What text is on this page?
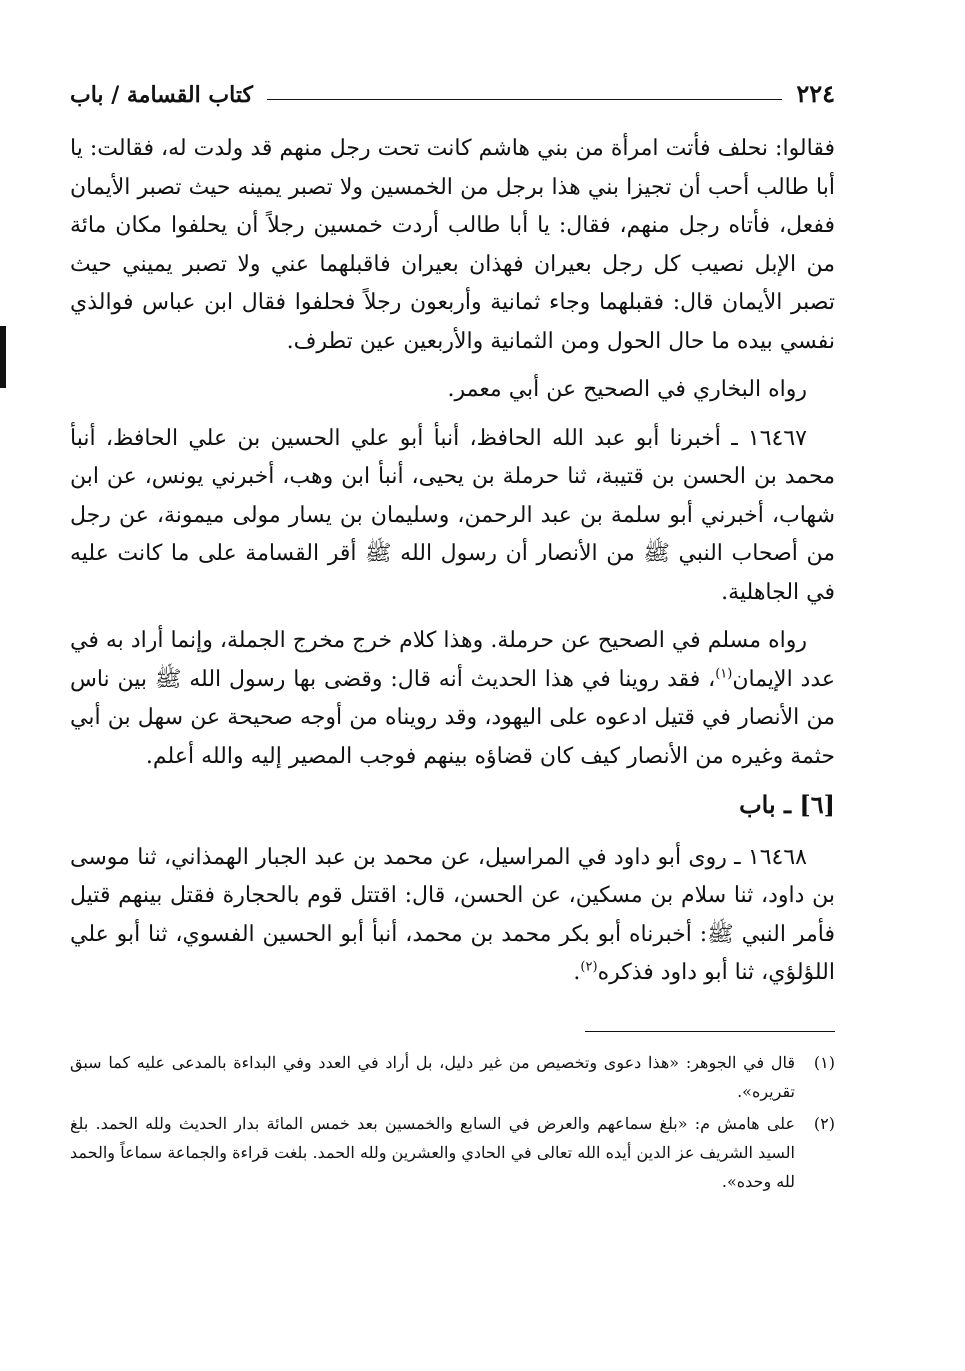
٢٢٤
كتاب القسامة / باب

فقالوا: نحلف فأتت امرأة من بني هاشم كانت تحت رجل منهم قد ولدت له، فقالت: يا أبا طالب أحب أن تجيزا بني هذا برجل من الخمسين ولا تصبر يمينه حيث تصبر الأيمان ففعل، فأتاه رجل منهم، فقال: يا أبا طالب أردت خمسين رجلاً أن يحلفوا مكان مائة من الإبل نصيب كل رجل بعيران فهذان بعيران فاقبلهما عني ولا تصبر يميني حيث تصبر الأيمان قال: فقبلهما وجاء ثمانية وأربعون رجلاً فحلفوا فقال ابن عباس فوالذي نفسي بيده ما حال الحول ومن الثمانية والأربعين عين تطرف.

رواه البخاري في الصحيح عن أبي معمر.

١٦٤٦٧ ـ أخبرنا أبو عبد الله الحافظ، أنبأ أبو علي الحسين بن علي الحافظ، أنبأ محمد بن الحسن بن قتيبة، ثنا حرملة بن يحيى، أنبأ ابن وهب، أخبرني يونس، عن ابن شهاب، أخبرني أبو سلمة بن عبد الرحمن، وسليمان بن يسار مولى ميمونة، عن رجل من أصحاب النبي ﷺ من الأنصار أن رسول الله ﷺ أقر القسامة على ما كانت عليه في الجاهلية.

رواه مسلم في الصحيح عن حرملة. وهذا كلام خرج مخرج الجملة، وإنما أراد به في عدد الإيمان$^{(١)}$، فقد روينا في هذا الحديث أنه قال: وقضى بها رسول الله ﷺ بين ناس من الأنصار في قتيل ادعوه على اليهود، وقد رويناه من أوجه صحيحة عن سهل بن أبي حثمة وغيره من الأنصار كيف كان قضاؤه بينهم فوجب المصير إليه والله أعلم.

[٦] ـ باب

١٦٤٦٨ ـ روى أبو داود في المراسيل، عن محمد بن عبد الجبار الهمذاني، ثنا موسى بن داود، ثنا سلام بن مسكين، عن الحسن، قال: اقتتل قوم بالحجارة فقتل بينهم قتيل فأمر النبي ﷺ: أخبرناه أبو بكر محمد بن محمد، أنبأ أبو الحسين الفسوي، ثنا أبو علي اللؤلؤي، ثنا أبو داود فذكره$^{(٢)}$.

(١)
قال في الجوهر: «هذا دعوى وتخصيص من غير دليل، بل أراد في العدد وفي البداءة بالمدعى عليه كما سبق تقريره».
(٢)
على هامش م: «بلغ سماعهم والعرض في السابع والخمسين بعد خمس المائة بدار الحديث ولله الحمد. بلغ السيد الشريف عز الدين أيده الله تعالى في الحادي والعشرين ولله الحمد. بلغت قراءة والجماعة سماعاً والحمد لله وحده».
